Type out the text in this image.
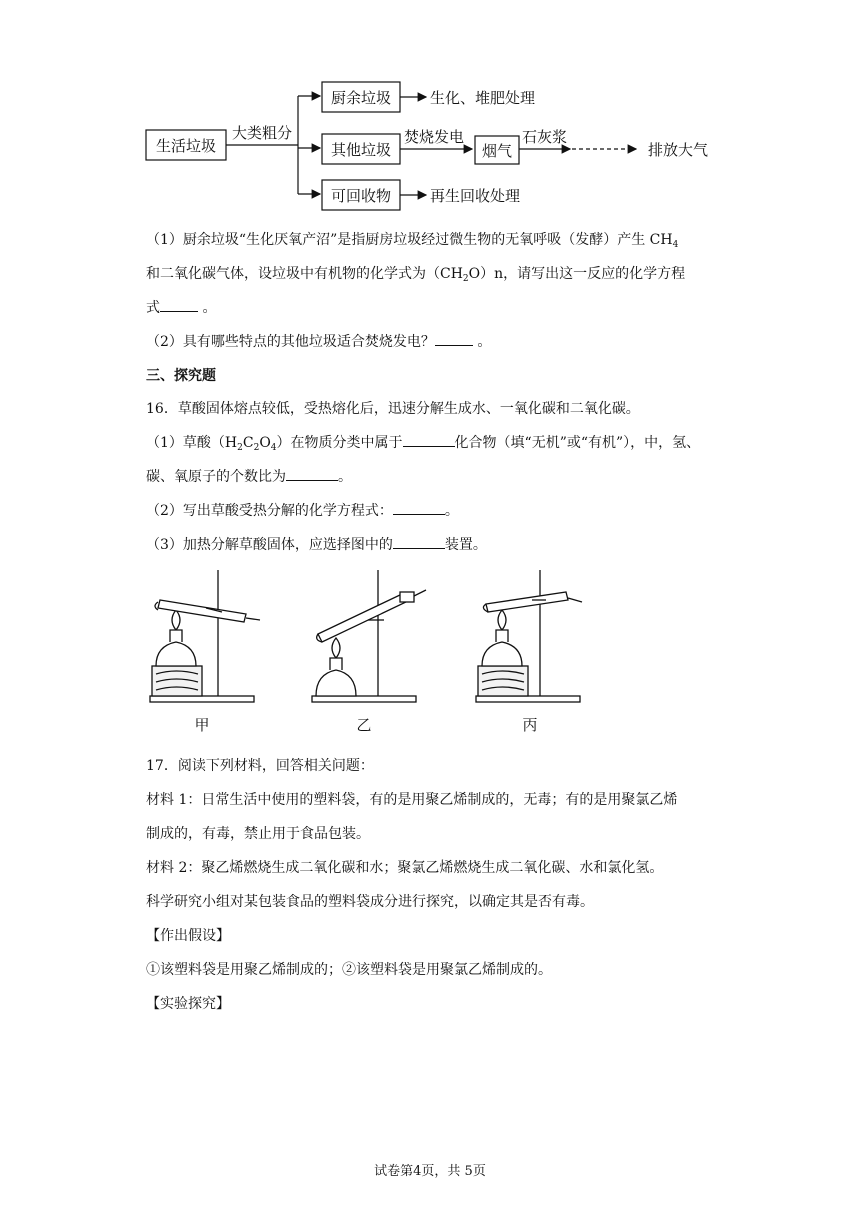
生活垃圾
大类粗分
厨余垃圾	生化、堆肥处理
其他垃圾
焚烧发电
烟气
石灰浆
排放大气
可回收物	再生回收处理
（1）厨余垃圾“生化厌氧产沼”是指厨房垃圾经过微生物的无氧呼吸（发酵）产生 $CH_4$
和二氧化碳气体，设垃圾中有机物的化学式为$(CH_2O)n$，请写出这一反应的化学方程
式	。
（2）具有哪些特点的其他垃圾适合焚烧发电？	。
三、探究题
16．草酸固体熔点较低，受热熔化后，迅速分解生成水、一氧化碳和二氧化碳。
（1）草酸$(H_2C_2O_4)$在物质分类中属于	化合物（填“无机”或“有机”），中，氢、
碳、氧原子的个数比为	。
（2）写出草酸受热分解的化学方程式：	。
（3）加热分解草酸固体，应选择图中的	装置。
甲	乙	丙
17．阅读下列材料，回答相关问题：
材料 1：日常生活中使用的塑料袋，有的是用聚乙烯制成的，无毒；有的是用聚氯乙烯
制成的，有毒，禁止用于食品包装。
材料 2：聚乙烯燃烧生成二氧化碳和水；聚氯乙烯燃烧生成二氧化碳、水和氯化氢。
科学研究小组对某包装食品的塑料袋成分进行探究，以确定其是否有毒。
【作出假设】
①该塑料袋是用聚乙烯制成的；②该塑料袋是用聚氯乙烯制成的。
【实验探究】
试卷第4页，共 5页
